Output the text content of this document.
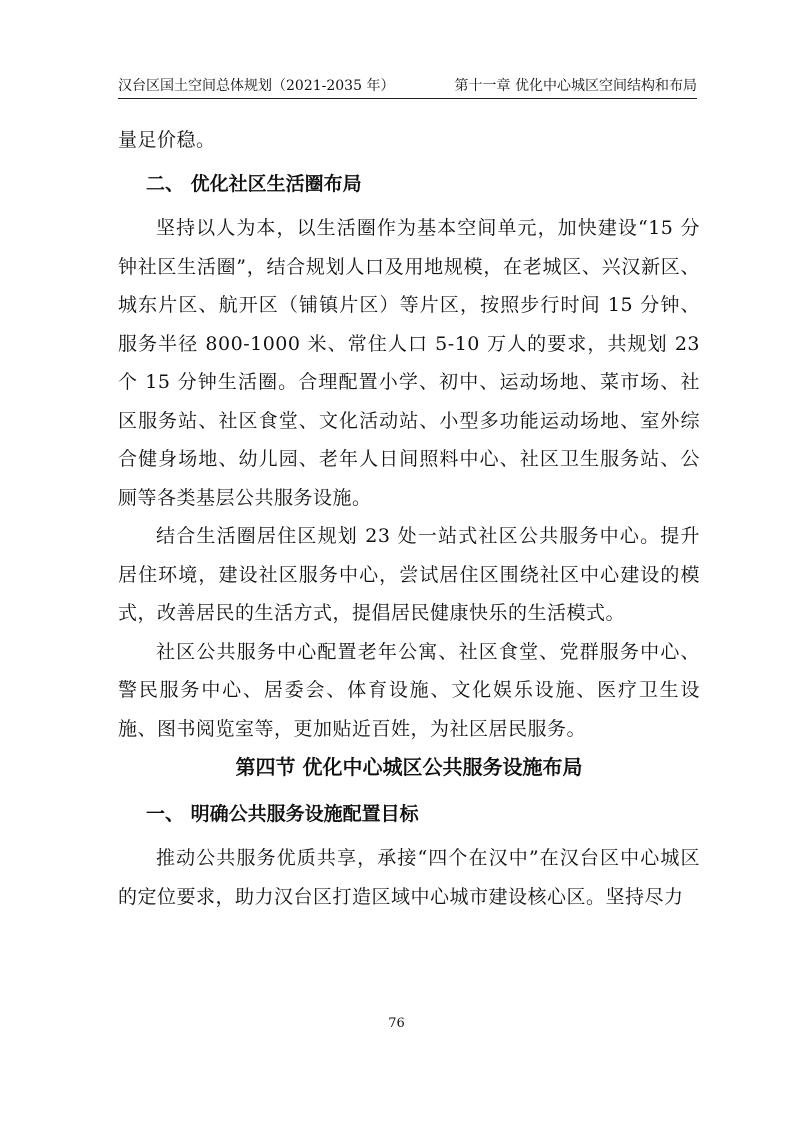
汉台区国土空间总体规划（2021-2035 年）	第十一章 优化中心城区空间结构和布局

量足价稳。

二、 优化社区生活圈布局

坚持以人为本，以生活圈作为基本空间单元，加快建设“15 分钟社区生活圈”，结合规划人口及用地规模，在老城区、兴汉新区、城东片区、航开区（铺镇片区）等片区，按照步行时间 15 分钟、服务半径 800-1000 米、常住人口 5-10 万人的要求，共规划 23 个 15 分钟生活圈。合理配置小学、初中、运动场地、菜市场、社区服务站、社区食堂、文化活动站、小型多功能运动场地、室外综合健身场地、幼儿园、老年人日间照料中心、社区卫生服务站、公厕等各类基层公共服务设施。

结合生活圈居住区规划 23 处一站式社区公共服务中心。提升居住环境，建设社区服务中心，尝试居住区围绕社区中心建设的模式，改善居民的生活方式，提倡居民健康快乐的生活模式。

社区公共服务中心配置老年公寓、社区食堂、党群服务中心、警民服务中心、居委会、体育设施、文化娱乐设施、医疗卫生设施、图书阅览室等，更加贴近百姓，为社区居民服务。

第四节 优化中心城区公共服务设施布局
一、 明确公共服务设施配置目标

推动公共服务优质共享，承接“四个在汉中”在汉台区中心城区的定位要求，助力汉台区打造区域中心城市建设核心区。坚持尽力

76
